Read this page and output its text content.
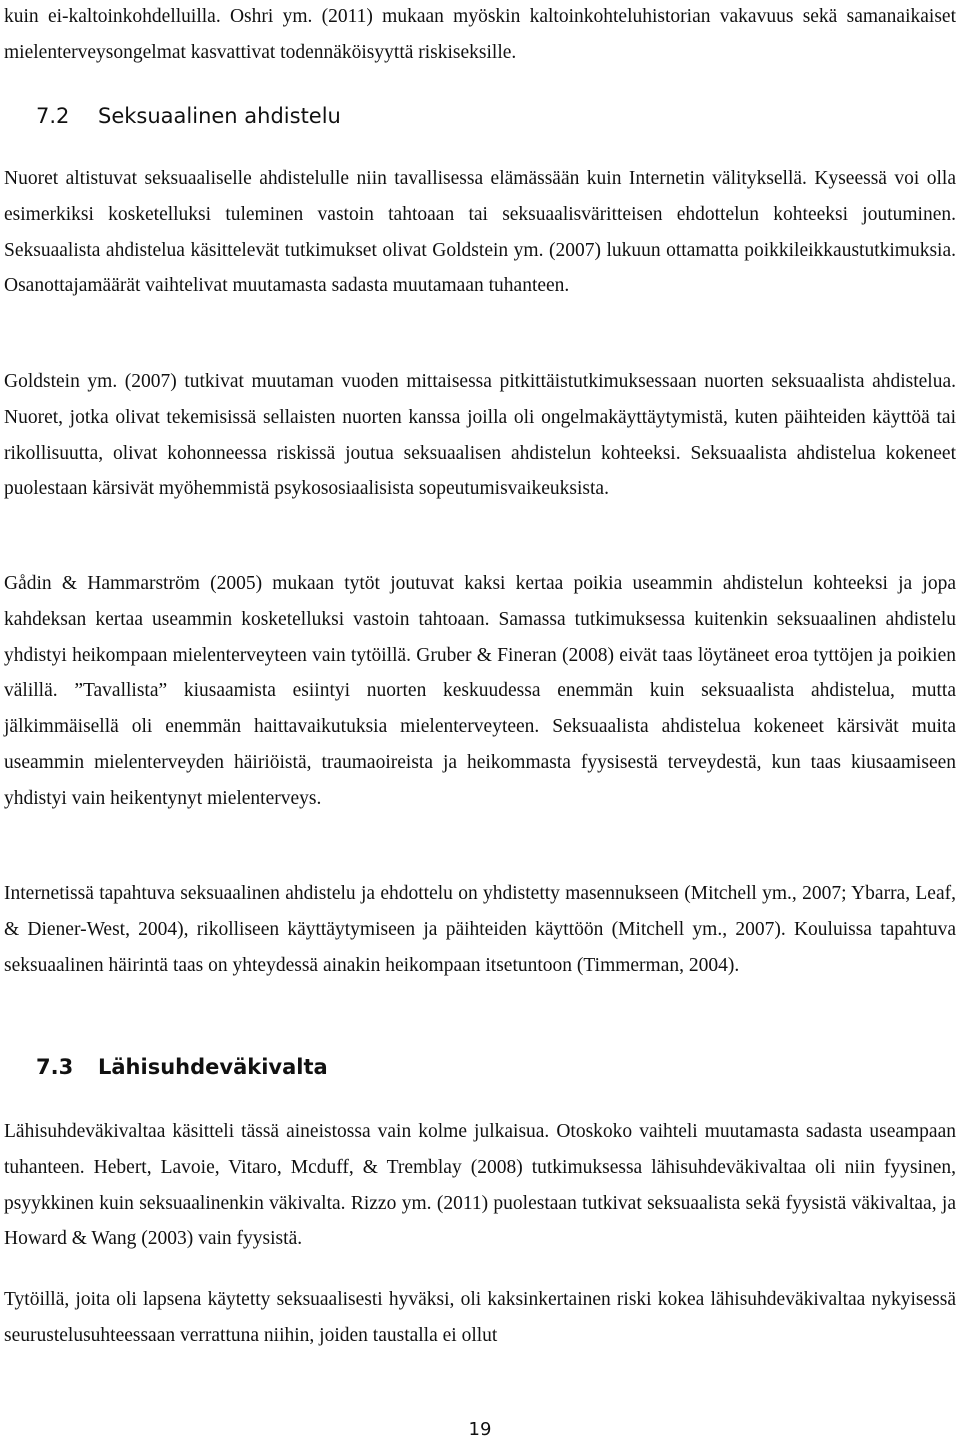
kuin ei-kaltoinkohdelluilla. Oshri ym. (2011) mukaan myöskin kaltoinkohteluhistorian vakavuus sekä samanaikaiset mielenterveysongelmat kasvattivat todennäköisyyttä riskiseksille.

7.2 Seksuaalinen ahdistelu

Nuoret altistuvat seksuaaliselle ahdistelulle niin tavallisessa elämässään kuin Internetin välityksellä. Kyseessä voi olla esimerkiksi kosketelluksi tuleminen vastoin tahtoaan tai seksuaalisväritteisen ehdottelun kohteeksi joutuminen. Seksuaalista ahdistelua käsittelevät tutkimukset olivat Goldstein ym. (2007) lukuun ottamatta poikkileikkaustutkimuksia. Osanottajamäärät vaihtelivat muutamasta sadasta muutamaan tuhanteen.

Goldstein ym. (2007) tutkivat muutaman vuoden mittaisessa pitkittäistutkimuksessaan nuorten seksuaalista ahdistelua. Nuoret, jotka olivat tekemisissä sellaisten nuorten kanssa joilla oli ongelmakäyttäytymistä, kuten päihteiden käyttöä tai rikollisuutta, olivat kohonneessa riskissä joutua seksuaalisen ahdistelun kohteeksi. Seksuaalista ahdistelua kokeneet puolestaan kärsivät myöhemmistä psykososiaalisista sopeutumisvaikeuksista.

Gådin & Hammarström (2005) mukaan tytöt joutuvat kaksi kertaa poikia useammin ahdistelun kohteeksi ja jopa kahdeksan kertaa useammin kosketelluksi vastoin tahtoaan. Samassa tutkimuksessa kuitenkin seksuaalinen ahdistelu yhdistyi heikompaan mielenterveyteen vain tytöillä. Gruber & Fineran (2008) eivät taas löytäneet eroa tyttöjen ja poikien välillä. ”Tavallista” kiusaamista esiintyi nuorten keskuudessa enemmän kuin seksuaalista ahdistelua, mutta jälkimmäisellä oli enemmän haittavaikutuksia mielenterveyteen. Seksuaalista ahdistelua kokeneet kärsivät muita useammin mielenterveyden häiriöistä, traumaoireista ja heikommasta fyysisestä terveydestä, kun taas kiusaamiseen yhdistyi vain heikentynyt mielenterveys.

Internetissä tapahtuva seksuaalinen ahdistelu ja ehdottelu on yhdistetty masennukseen (Mitchell ym., 2007; Ybarra, Leaf, & Diener-West, 2004), rikolliseen käyttäytymiseen ja päihteiden käyttöön (Mitchell ym., 2007). Kouluissa tapahtuva seksuaalinen häirintä taas on yhteydessä ainakin heikompaan itsetuntoon (Timmerman, 2004).

7.3 Lähisuhdeväkivalta

Lähisuhdeväkivaltaa käsitteli tässä aineistossa vain kolme julkaisua. Otoskoko vaihteli muutamasta sadasta useampaan tuhanteen. Hebert, Lavoie, Vitaro, Mcduff, & Tremblay (2008) tutkimuksessa lähisuhdeväkivaltaa oli niin fyysinen, psyykkinen kuin seksuaalinenkin väkivalta. Rizzo ym. (2011) puolestaan tutkivat seksuaalista sekä fyysistä väkivaltaa, ja Howard & Wang (2003) vain fyysistä.

Tytöillä, joita oli lapsena käytetty seksuaalisesti hyväksi, oli kaksinkertainen riski kokea lähisuhdeväkivaltaa nykyisessä seurustelusuhteessaan verrattuna niihin, joiden taustalla ei ollut

19
